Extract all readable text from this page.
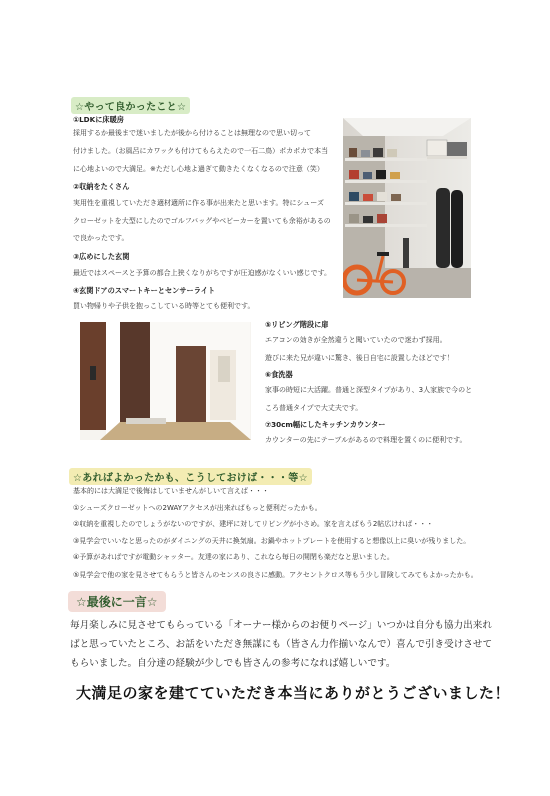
☆やって良かったこと☆
①LDKに床暖房
採用するか最後まで迷いましたが後から付けることは無理なので思い切って
付けました。（お風呂にカワックも付けてもらえたので一石二鳥）ポカポカで本当
に心地よいので大満足。※ただし心地よ過ぎて動きたくなくなるので注意（笑）
②収納をたくさん
実用性を重視していただき適材適所に作る事が出来たと思います。特にシューズ
クローゼットを大型にしたのでゴルフバッグやベビーカーを置いても余裕があるの
で良かったです。
③広めにした玄関
最近ではスペースと予算の都合上狭くなりがちですが圧迫感がなくいい感じです。
④玄関ドアのスマートキーとセンサーライト
買い物帰りや子供を抱っこしている時等とても便利です。
⑤リビング階段に扉
エアコンの効きが全然違うと聞いていたので迷わず採用。
遊びに来た兄が違いに驚き、後日自宅に設置したほどです！
⑥食洗器
家事の時短に大活躍。普通と深型タイプがあり、3人家族で今のと
ころ普通タイプで大丈夫です。
⑦30cm幅にしたキッチンカウンター
カウンターの先にテーブルがあるので料理を置くのに便利です。
☆あればよかったかも、こうしておけば・・・等☆
基本的には大満足で後悔はしていませんがしいて言えば・・・
①シューズクローゼットへの2WAYアクセスが出来ればもっと便利だったかも。
②収納を重視したのでしょうがないのですが、建坪に対してリビングが小さめ。家を言えばもう2帖広ければ・・・
③見学会でいいなと思ったのがダイニングの天井に換気扇。お鍋やホットプレートを使用すると想像以上に臭いが残りました。
④予算があればですが電動シャッター。友達の家にあり、これなら毎日の開閉も楽だなと思いました。
⑤見学会で他の家を見させてもらうと皆さんのセンスの良さに感動。アクセントクロス等もう少し冒険してみてもよかったかも。
☆最後に一言☆
毎月楽しみに見させてもらっている「オーナー様からのお便りページ」いつかは自分も協力出来れ
ばと思っていたところ、お話をいただき無謀にも（皆さん力作揃いなんで）喜んで引き受けさせて
もらいました。自分達の経験が少しでも皆さんの参考になれば嬉しいです。
大満足の家を建てていただき本当にありがとうございました！
